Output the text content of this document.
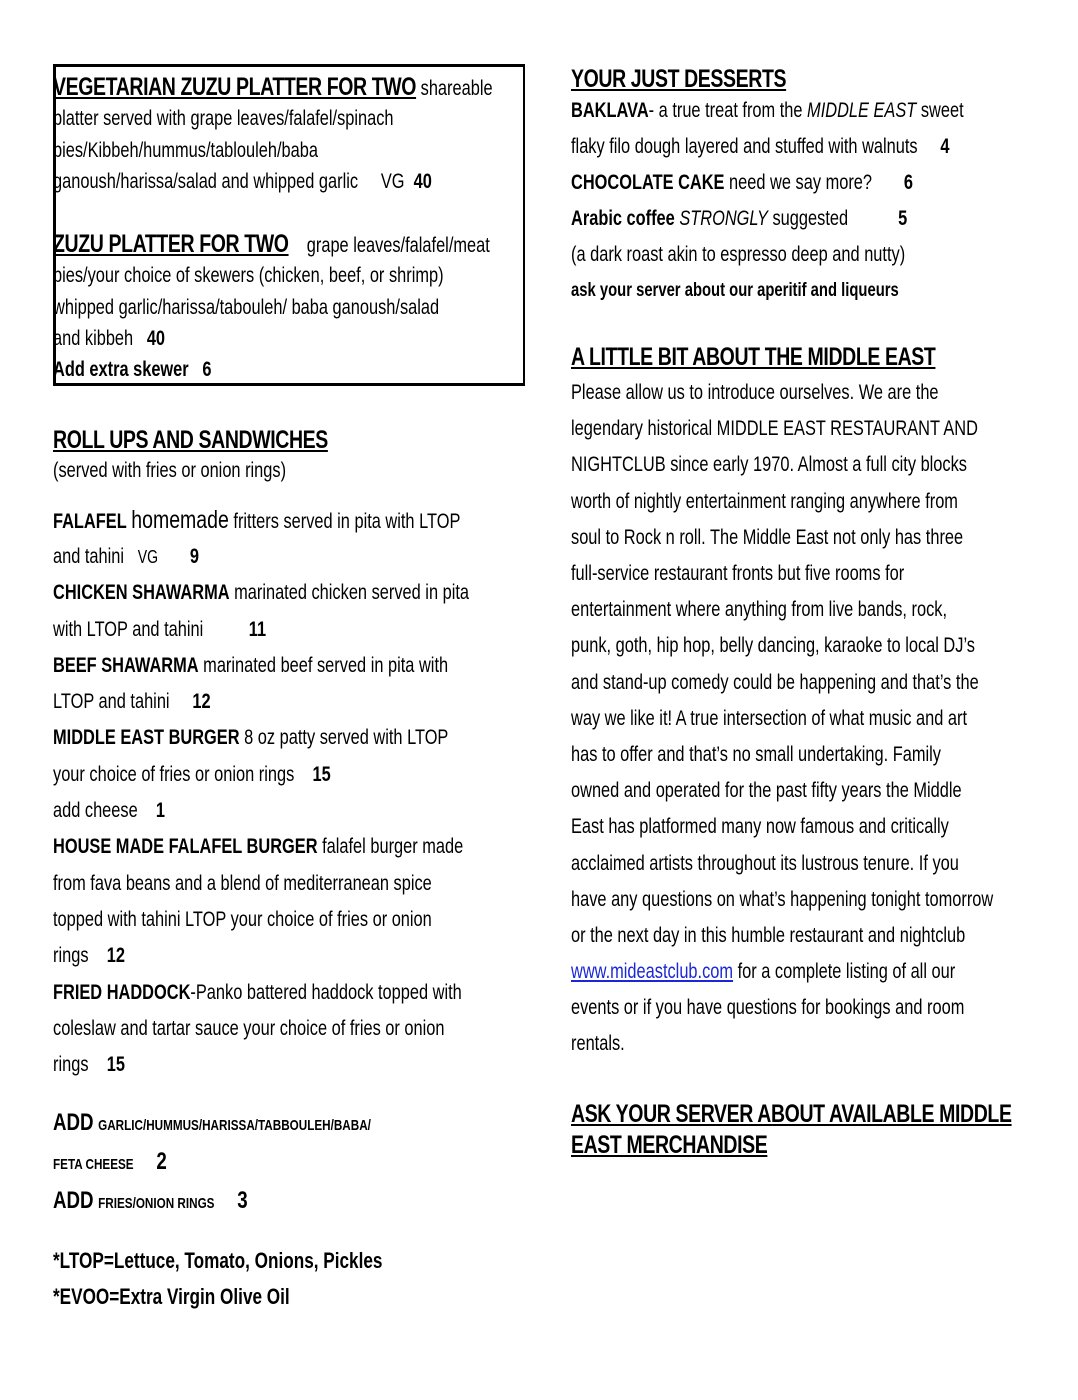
VEGETARIAN ZUZU PLATTER FOR TWO shareable
platter served with grape leaves/falafel/spinach
pies/Kibbeh/hummus/tablouleh/baba
ganoush/harissa/salad and whipped garlic VG 40
ZUZU PLATTER FOR TWO grape leaves/falafel/meat
pies/your choice of skewers (chicken, beef, or shrimp)
whipped garlic/harissa/tabouleh/ baba ganoush/salad
and kibbeh 40
Add extra skewer 6
ROLL UPS AND SANDWICHES
(served with fries or onion rings)
FALAFEL homemade fritters served in pita with LTOP
and tahini VG 9
CHICKEN SHAWARMA marinated chicken served in pita
with LTOP and tahini 11
BEEF SHAWARMA marinated beef served in pita with
LTOP and tahini 12
MIDDLE EAST BURGER 8 oz patty served with LTOP
your choice of fries or onion rings 15
add cheese 1
HOUSE MADE FALAFEL BURGER falafel burger made
from fava beans and a blend of mediterranean spice
topped with tahini LTOP your choice of fries or onion
rings 12
FRIED HADDOCK-Panko battered haddock topped with
coleslaw and tartar sauce your choice of fries or onion
rings 15
ADD GARLIC/HUMMUS/HARISSA/TABBOULEH/BABA/
FETA CHEESE 2
ADD FRIES/ONION RINGS 3
*LTOP=Lettuce, Tomato, Onions, Pickles
*EVOO=Extra Virgin Olive Oil
YOUR JUST DESSERTS
BAKLAVA- a true treat from the MIDDLE EAST sweet
flaky filo dough layered and stuffed with walnuts 4
CHOCOLATE CAKE need we say more? 6
Arabic coffee STRONGLY suggested 5
(a dark roast akin to espresso deep and nutty)
ask your server about our aperitif and liqueurs
A LITTLE BIT ABOUT THE MIDDLE EAST
Please allow us to introduce ourselves. We are the
legendary historical MIDDLE EAST RESTAURANT AND
NIGHTCLUB since early 1970. Almost a full city blocks
worth of nightly entertainment ranging anywhere from
soul to Rock n roll. The Middle East not only has three
full-service restaurant fronts but five rooms for
entertainment where anything from live bands, rock,
punk, goth, hip hop, belly dancing, karaoke to local DJ’s
and stand-up comedy could be happening and that’s the
way we like it! A true intersection of what music and art
has to offer and that’s no small undertaking. Family
owned and operated for the past fifty years the Middle
East has platformed many now famous and critically
acclaimed artists throughout its lustrous tenure. If you
have any questions on what’s happening tonight tomorrow
or the next day in this humble restaurant and nightclub
www.mideastclub.com for a complete listing of all our
events or if you have questions for bookings and room
rentals.
ASK YOUR SERVER ABOUT AVAILABLE MIDDLE
EAST MERCHANDISE
